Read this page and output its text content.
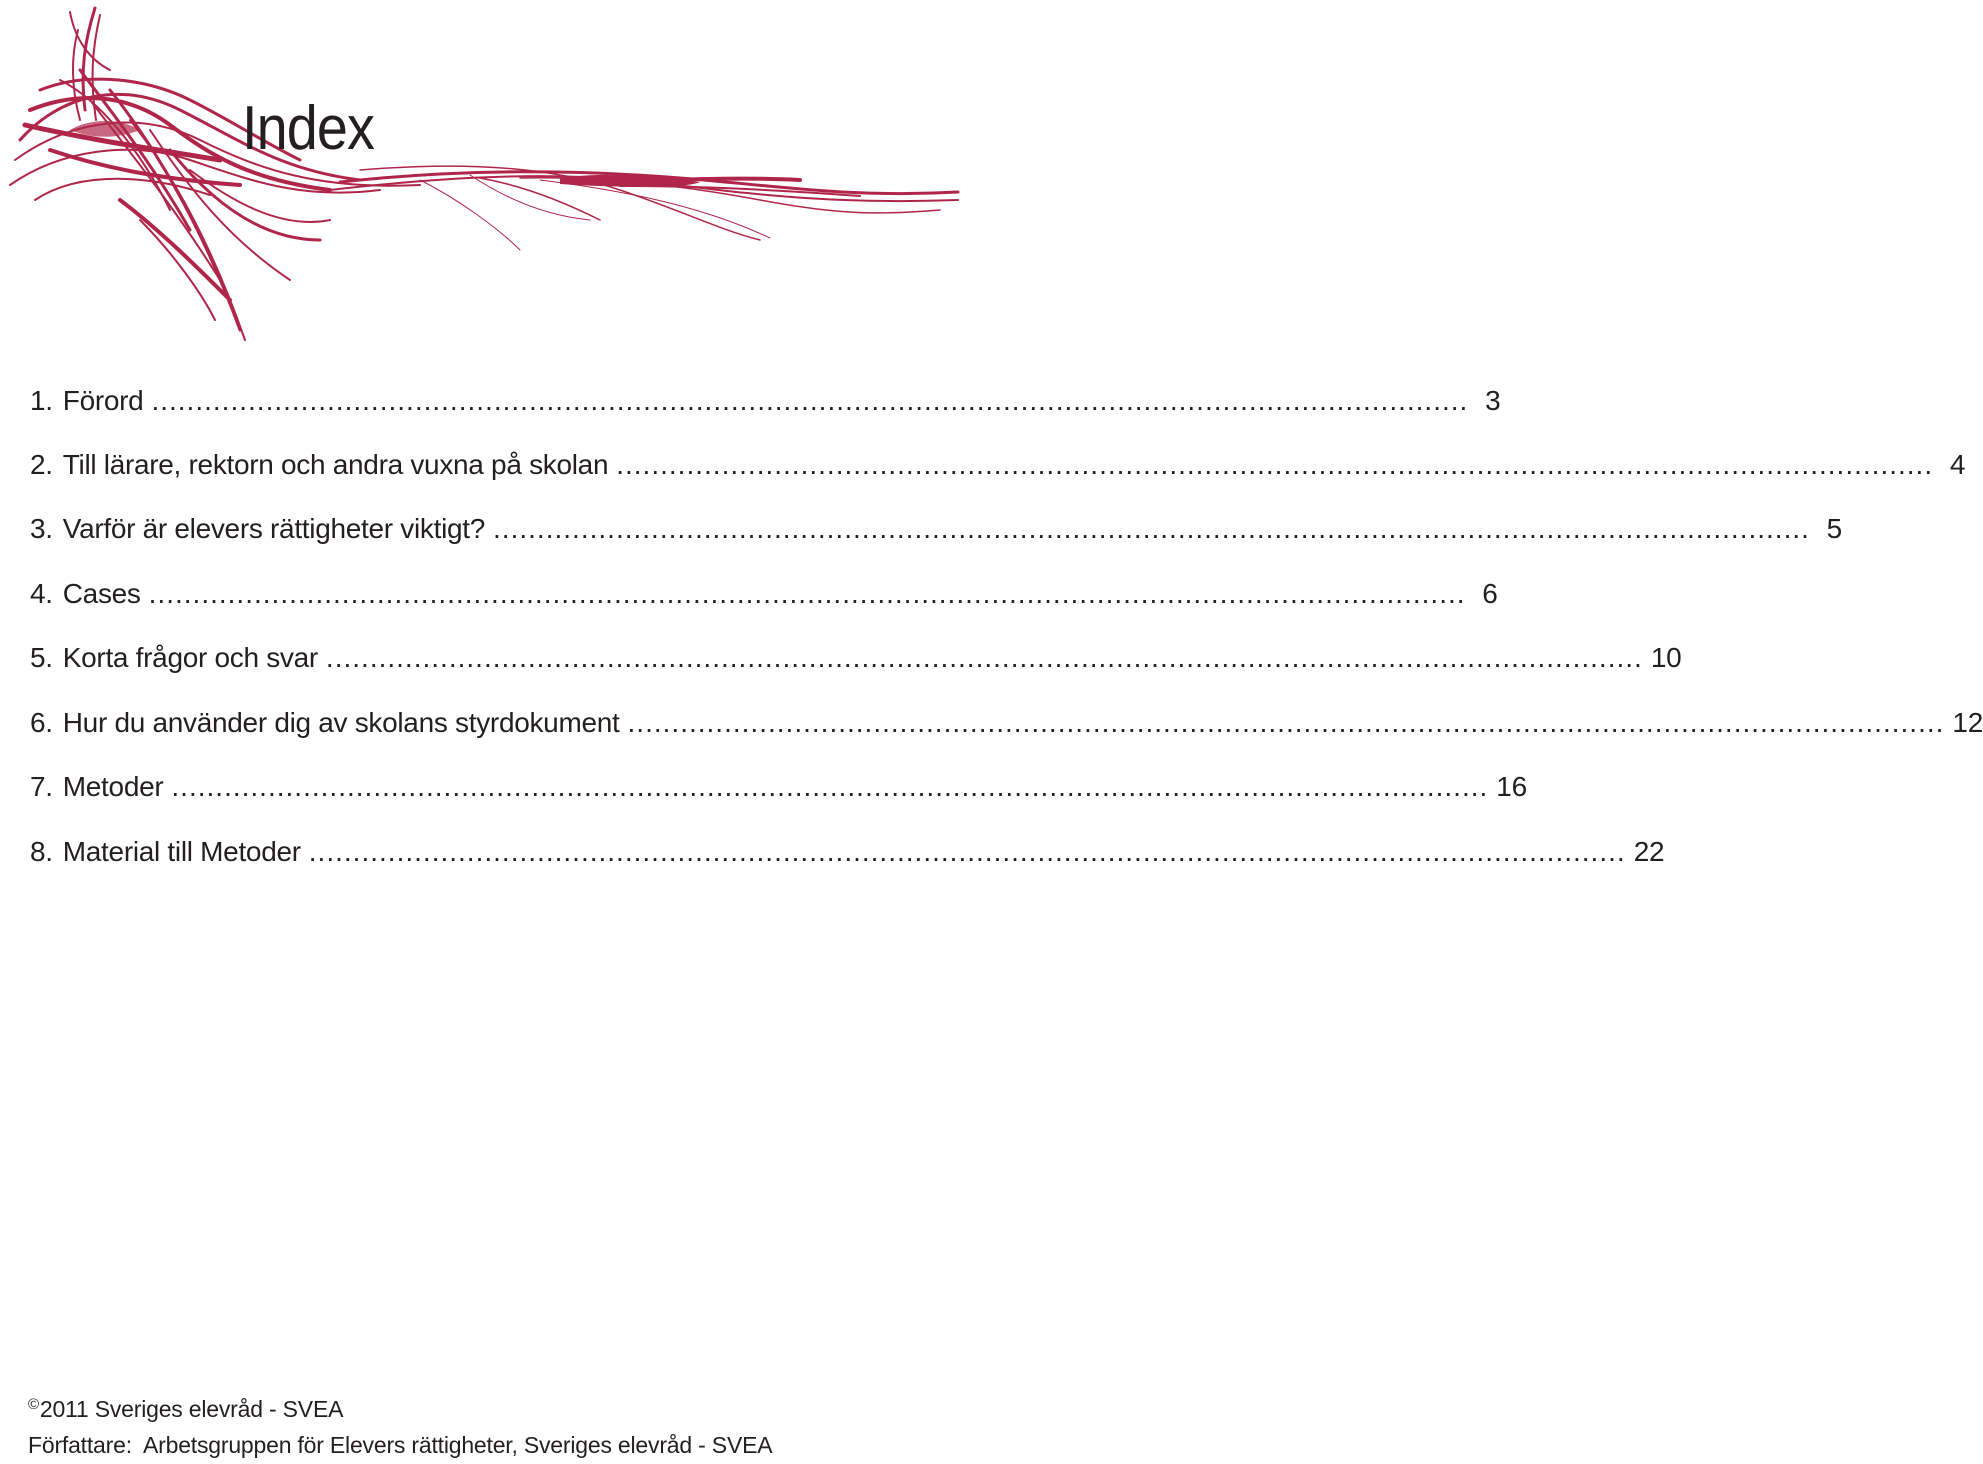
Index
1. Förord ...................................................................................................................................................... 3
2. Till lärare, rektorn och andra vuxna på skolan ...................................................................................................................................................... 4
3. Varför är elevers rättigheter viktigt? ...................................................................................................................................................... 5
4. Cases ...................................................................................................................................................... 6
5. Korta frågor och svar ...................................................................................................................................................... 10
6. Hur du använder dig av skolans styrdokument ...................................................................................................................................................... 12
7. Metoder ...................................................................................................................................................... 16
8. Material till Metoder ...................................................................................................................................................... 22
©2011 Sveriges elevråd - SVEA
Författare:  Arbetsgruppen för Elevers rättigheter, Sveriges elevråd - SVEA
